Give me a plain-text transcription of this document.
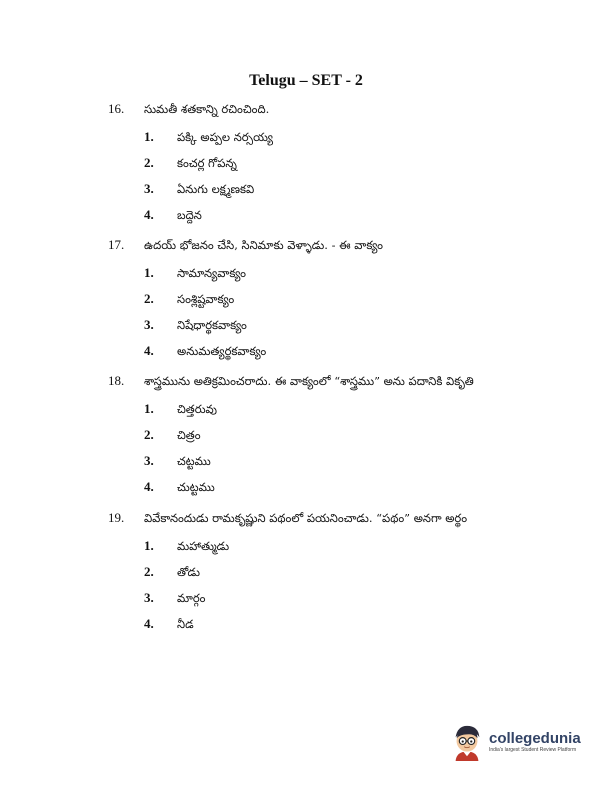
Telugu – SET - 2
16.	సుమతీ శతకాన్ని రచించింది.
1.	పక్కి అప్పల నర్సయ్య
2.	కంచర్ల గోపన్న
3.	ఏనుగు లక్ష్మణకవి
4.	బద్దెన
17.	ఉదయ్ భోజనం చేసి, సినిమాకు వెళ్ళాడు. - ఈ వాక్యం
1.	సామాన్యవాక్యం
2.	సంశ్లిష్టవాక్యం
3.	నిషేధార్థకవాక్యం
4.	అనుమత్యర్థకవాక్యం
18.	శాస్త్రమును అతిక్రమించరాదు. ఈ వాక్యంలో “శాస్త్రము” అను పదానికి వికృతి
1.	చిత్తరువు
2.	చిత్రం
3.	చట్టము
4.	చుట్టము
19.	వివేకానందుడు రామకృష్ణుని పథంలో పయనించాడు. “పథం” అనగా అర్థం
1.	మహాత్ముడు
2.	తోడు
3.	మార్గం
4.	నీడ
collegedunia
India's largest Student Review Platform
